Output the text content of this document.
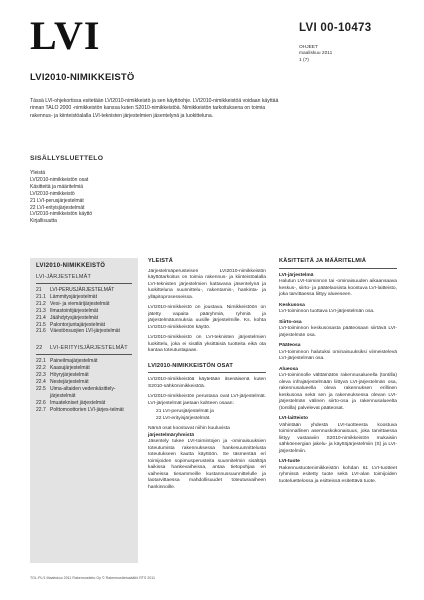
LVI	LVI 00-10473
OHJEET
maaliskuu 2011
1 (7)
LVI2010-NIMIKKEISTÖ
Tässä LVI-ohjekortissa esitetään LVI2010-nimikkeistö ja sen käyttöohje. LVI2010-nimikkeistöä voidaan käyttää rinnan TALO 2000 -nimikkeistön kanssa kuten S2010-nimikkeistöä. Nimikkeistön tarkoituksena on toimia rakennus- ja kiinteistöalalla LVI-teknisten järjestelmien jäsentelynä ja luokitteluna.
SISÄLLYSLUETTELO
Yleistä
LVI2010-nimikkeistön osat
Käsitteitä ja määritelmiä
LVI2010-nimikkeistö
21 LVI-perusjärjestelmät
22 LVI-erityisjärjestelmät
LVI2010-nimikkeistön käyttö
Kirjallisuutta
LVI2010-NIMIKKEISTÖ
LVI-JÄRJESTELMÄT
21	LVI-PERUSJÄRJESTELMÄT
21.1 Lämmitysjärjestelmät
21.2 Vesi- ja viemärijärjestelmät
21.3 Ilmastointijärjestelmät
21.4 Jäähdytysjärjestelmät
21.5 Palontorjuntajärjestelmät
21.6 Väestönsuojien LVI-järjestelmät
22	LVI-ERITYISJÄRJESTELMÄT
22.1 Paineilmajärjestelmät
22.2 Kaasujärjestelmät
22.3 Höyryjärjestelmät
22.4 Nestejärjestelmät
22.5 Uima-altaiden vedenkäsittely-järjestelmät
22.6 Imuatekniset järjestelmät
22.7 Polttomoottorien LVI-järjes-telmät
YLEISTÄ

Järjestelmäperusteisen LVI2010-nimikkeistön käyttötarkoitus on toimia rakennus- ja kiinteistöalalla LVI-teknisten järjestelmien kattavana jäsentelynä ja luokitteluna suunnittelu-, rakentamis-, hankinta- ja ylläpitoprosesseissa.

LVI2010-nimikkeistö on joustava. Nimikkeistöön on jätetty vapaita pääryhmiä, ryhmiä ja järjestelmätunnuksia uusille järjestelmille. Ks. kohta LVI2010-nimikkeistön käyttö.

LVI2010-nimikkeistö on LVI-teknisten järjestelmien luokittelu, joka ei sisällä yksittäisiä tuotteita eikä ota kantaa toteutustapaan.

LVI2010-NIMIKKEISTÖN OSAT

LVI2010-nimikkeistöä käytetään itsenäisenä kuten S2010-sähkönimikkeistöä.

LVI2010-nimikkeistön perustana ovat LVI-järjestelmät. LVI-järjestelmät jaetaan kahteen osaan:

21 LVI-perusjärjestelmät ja
22 LVI-erityisjärjestelmät.
Nämä osat koostuvat niihin kuuluvista
järjestelmäryhmistä

Jäsentely tukee LVI-toimintojen ja -ominaisuuksien toteutumista rakennuksessa hankesuunnittelusta toteutukseen kautta käyttöön. Se täsmentää eri toimijoiden sopimusperusteita suunnitelmin sisältöjä kaikissa hankevaiheissa, antaa tietopohjaa eri vaiheissa tiesammeille kustannussuunnittelulle ja laotarvittaessa mahdollisuudet toteutusvaiheen hankinnoille.

KÄSITTEITÄ JA MÄÄRITELMIÄ
LVI-järjestelmä

Halutun LVI-toiminnon tai -ominaisuuden aikaansaava keskus-, siirto- ja päätelaosista koostuva LVI-laitteisto, joka tarvittaessa liittyy alueeseen.

Keskusosa

LVI-toiminnon tuottava LVI-järjestelmän osa.

Siirto-osa

LVI-toiminnon keskusosasta pääteosaan siirtävä LVI-järjestelmän osa.

Pääteosa

LVI-toiminnon halutuksi ominaisuuksiksi viimeistelevä LVI-järjestelmän osa.

Alueosa

LVI-toiminnolle välttämätön rakennusalueella (tontilla) oleva infrajärjestelmään liittyvä LVI-järjestelmän osa, rakennusalueella oleva rakennuksen erillinen keskusosa sekä sen ja rakennuksessa olevan LVI-järjestelmän välinen siirto-osa ja rakennusalueelta (tontilla) palvelevat pääteosat.

LVI-laitteisto

Vähintään yhdestä LVI-tuotteesta koostuva toiminnallinen asennuskokonaisuus, joka tarvittaessa liittyy vastaaviin S2010-nimikkeistön mukaisiin sähköenergian jakelu- ja käyttöjärjestelmiin (S) ja LVI-järjestelmiin.

LVI-tuote

Rakennustuotenimikkeistön kohdan 61 LVI-tuotteet ryhmissä esitetty tuote sekä LVI-alan toimijoiden tuoteluettelossa ja esitteissä esitettävä tuote.

TOL-PL/1 Maaliskuu 2011 Rakennustieto Oy © Rakennustietosäätiö RTS 2011
